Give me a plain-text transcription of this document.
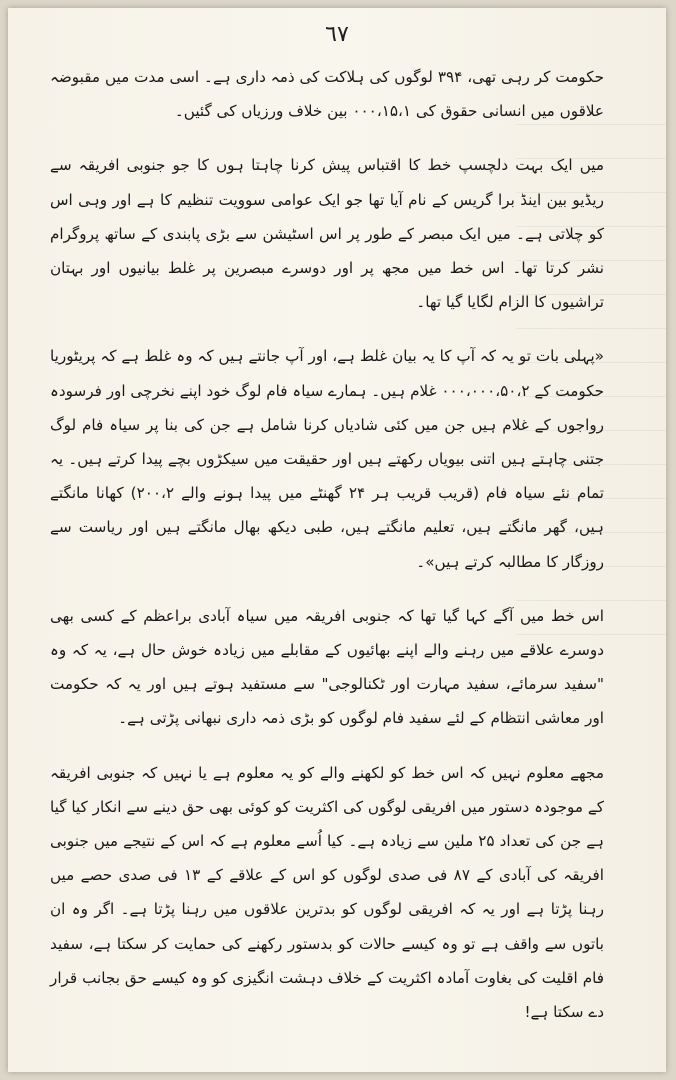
٦٧

حکومت کر رہی تھی، ۳۹۴ لوگوں کی ہلاکت کی ذمہ داری ہے۔ اسی مدت میں مقبوضہ علاقوں میں انسانی حقوق کی ۰۰۰،۱۵،۱ بین خلاف ورزیاں کی گئیں۔

میں ایک بہت دلچسپ خط کا اقتباس پیش کرنا چاہتا ہوں کا جو جنوبی افریقہ سے ریڈیو بین اینڈ برا گریس کے نام آیا تھا جو ایک عوامی سوویت تنظیم کا ہے اور وہی اس کو چلاتی ہے۔ میں ایک مبصر کے طور پر اس اسٹیشن سے بڑی پابندی کے ساتھ پروگرام نشر کرتا تھا۔ اس خط میں مجھ پر اور دوسرے مبصرین پر غلط بیانیوں اور بہتان تراشیوں کا الزام لگایا گیا تھا۔

«پہلی بات تو یہ کہ آپ کا یہ بیان غلط ہے، اور آپ جانتے ہیں کہ وہ غلط ہے کہ پریٹوریا حکومت کے ۰۰۰،۰۰۰،۵۰،۲ غلام ہیں۔ ہمارے سیاہ فام لوگ خود اپنے نخرچی اور فرسودہ رواجوں کے غلام ہیں جن میں کئی شادیاں کرنا شامل ہے جن کی بنا پر سیاہ فام لوگ جتنی چاہتے ہیں اتنی بیویاں رکھتے ہیں اور حقیقت میں سیکڑوں بچے پیدا کرتے ہیں۔ یہ تمام نئے سیاہ فام (قریب قریب ہر ۲۴ گھنٹے میں پیدا ہونے والے ۲۰۰،۲) کھانا مانگتے ہیں، گھر مانگتے ہیں، تعلیم مانگتے ہیں، طبی دیکھ بھال مانگتے ہیں اور ریاست سے روزگار کا مطالبہ کرتے ہیں»۔

اس خط میں آگے کہا گیا تھا کہ جنوبی افریقہ میں سیاہ آبادی براعظم کے کسی بھی دوسرے علاقے میں رہنے والے اپنے بھائیوں کے مقابلے میں زیادہ خوش حال ہے، یہ کہ وہ "سفید سرمائے، سفید مہارت اور ٹکنالوجی" سے مستفید ہوتے ہیں اور یہ کہ حکومت اور معاشی انتظام کے لئے سفید فام لوگوں کو بڑی ذمہ داری نبھانی پڑتی ہے۔

مجھے معلوم نہیں کہ اس خط کو لکھنے والے کو یہ معلوم ہے یا نہیں کہ جنوبی افریقہ کے موجودہ دستور میں افریقی لوگوں کی اکثریت کو کوئی بھی حق دینے سے انکار کیا گیا ہے جن کی تعداد ۲۵ ملین سے زیادہ ہے۔ کیا اُسے معلوم ہے کہ اس کے نتیجے میں جنوبی افریقہ کی آبادی کے ۸۷ فی صدی لوگوں کو اس کے علاقے کے ۱۳ فی صدی حصے میں رہنا پڑتا ہے اور یہ کہ افریقی لوگوں کو بدترین علاقوں میں رہنا پڑتا ہے۔ اگر وہ ان باتوں سے واقف ہے تو وہ کیسے حالات کو بدستور رکھنے کی حمایت کر سکتا ہے، سفید فام اقلیت کی بغاوت آمادہ اکثریت کے خلاف دہشت انگیزی کو وہ کیسے حق بجانب قرار دے سکتا ہے!
